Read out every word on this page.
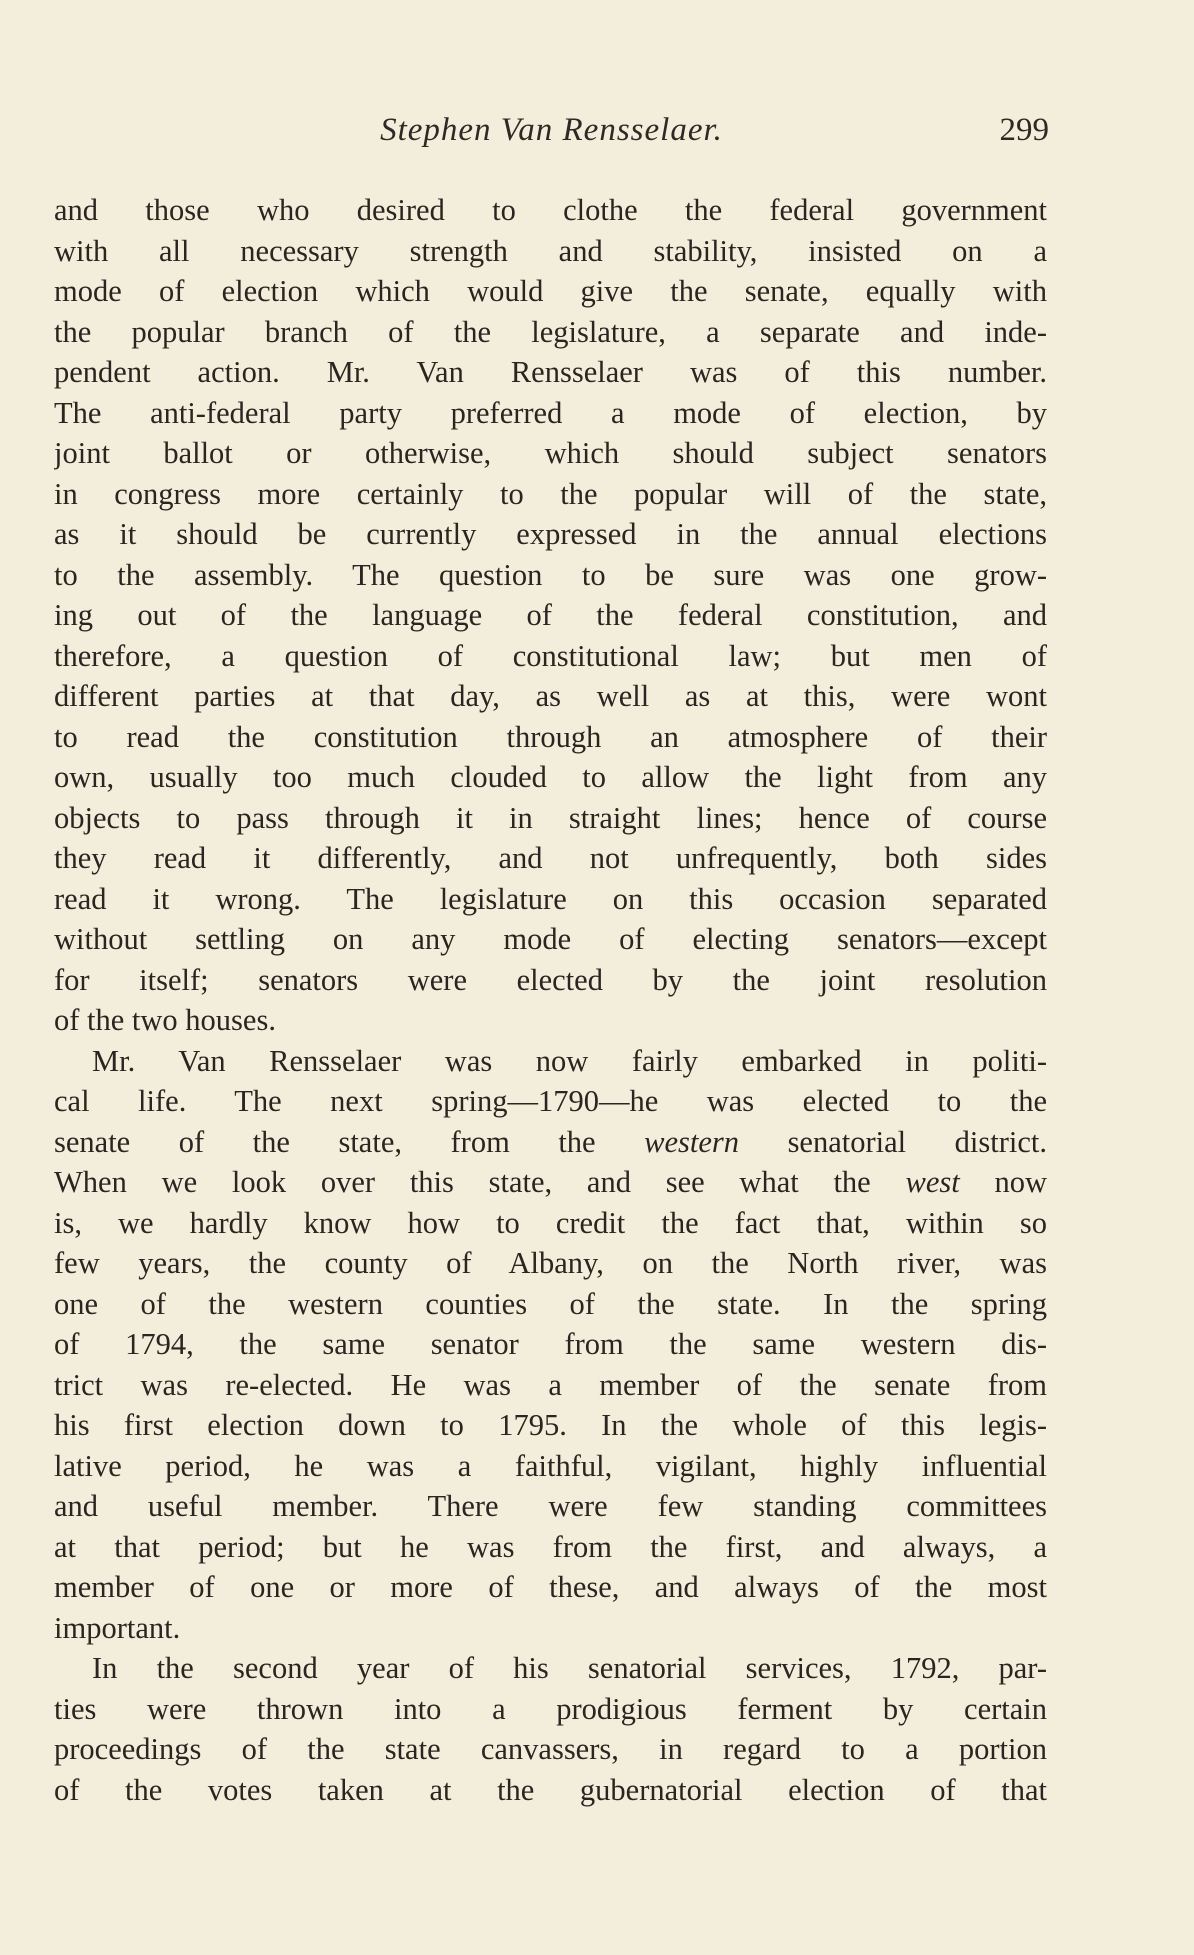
Stephen Van Rensselaer.	299
and those who desired to clothe the federal government
with all necessary strength and stability, insisted on a
mode of election which would give the senate, equally with
the popular branch of the legislature, a separate and inde-
pendent action. Mr. Van Rensselaer was of this number.
The anti-federal party preferred a mode of election, by
joint ballot or otherwise, which should subject senators
in congress more certainly to the popular will of the state,
as it should be currently expressed in the annual elections
to the assembly. The question to be sure was one grow-
ing out of the language of the federal constitution, and
therefore, a question of constitutional law; but men of
different parties at that day, as well as at this, were wont
to read the constitution through an atmosphere of their
own, usually too much clouded to allow the light from any
objects to pass through it in straight lines; hence of course
they read it differently, and not unfrequently, both sides
read it wrong. The legislature on this occasion separated
without settling on any mode of electing senators—except
for itself; senators were elected by the joint resolution
of the two houses.
Mr. Van Rensselaer was now fairly embarked in politi-
cal life. The next spring—1790—he was elected to the
senate of the state, from the western senatorial district.
When we look over this state, and see what the west now
is, we hardly know how to credit the fact that, within so
few years, the county of Albany, on the North river, was
one of the western counties of the state. In the spring
of 1794, the same senator from the same western dis-
trict was re-elected. He was a member of the senate from
his first election down to 1795. In the whole of this legis-
lative period, he was a faithful, vigilant, highly influential
and useful member. There were few standing committees
at that period; but he was from the first, and always, a
member of one or more of these, and always of the most
important.
In the second year of his senatorial services, 1792, par-
ties were thrown into a prodigious ferment by certain
proceedings of the state canvassers, in regard to a portion
of the votes taken at the gubernatorial election of that
